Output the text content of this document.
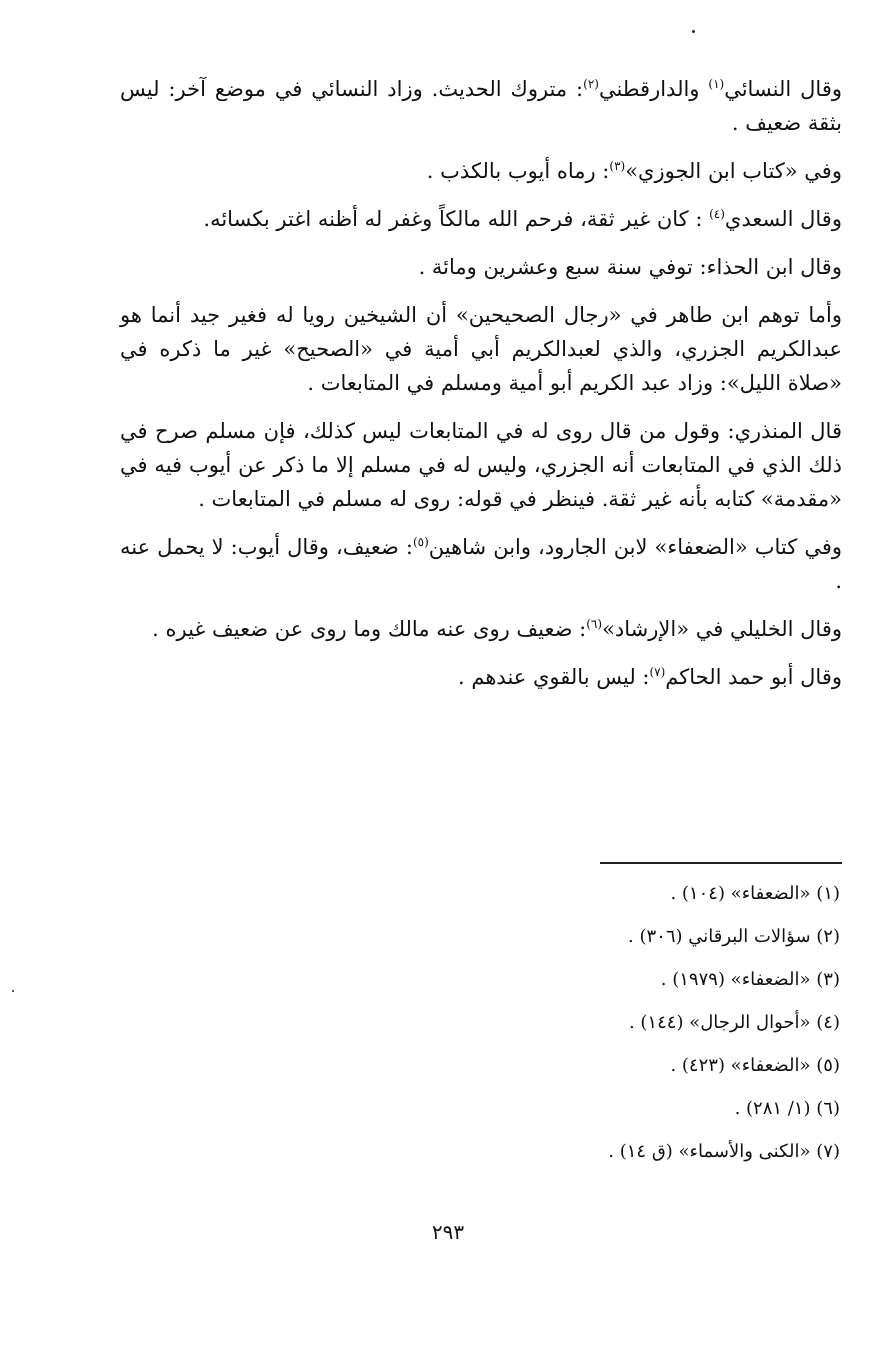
وقال النسائي$^{(١)}$ والدارقطني$^{(٢)}$: متروك الحديث. وزاد النسائي في موضع آخر: ليس بثقة ضعيف .

وفي «كتاب ابن الجوزي»$^{(٣)}$: رماه أيوب بالكذب .

وقال السعدي$^{(٤)}$ : كان غير ثقة، فرحم الله مالكاً وغفر له أظنه اغتر بكسائه.

وقال ابن الحذاء: توفي سنة سبع وعشرين ومائة .

وأما توهم ابن طاهر في «رجال الصحيحين» أن الشيخين رويا له فغير جيد أنما هو عبدالكريم الجزري، والذي لعبدالكريم أبي أمية في «الصحيح» غير ما ذكره في «صلاة الليل»: وزاد عبد الكريم أبو أمية ومسلم في المتابعات .

قال المنذري: وقول من قال روى له في المتابعات ليس كذلك، فإن مسلم صرح في ذلك الذي في المتابعات أنه الجزري، وليس له في مسلم إلا ما ذكر عن أيوب فيه في «مقدمة» كتابه بأنه غير ثقة. فينظر في قوله: روى له مسلم في المتابعات .

وفي كتاب «الضعفاء» لابن الجارود، وابن شاهين$^{(٥)}$: ضعيف، وقال أيوب: لا يحمل عنه .

وقال الخليلي في «الإرشاد»$^{(٦)}$: ضعيف روى عنه مالك وما روى عن ضعيف غيره .

وقال أبو حمد الحاكم$^{(٧)}$: ليس بالقوي عندهم .

(١) «الضعفاء» (١٠٤) .
(٢) سؤالات البرقاني (٣٠٦) .
(٣) «الضعفاء» (١٩٧٩) .
(٤) «أحوال الرجال» (١٤٤) .
(٥) «الضعفاء» (٤٢٣) .
(٦) (١/ ٢٨١) .
(٧) «الكنى والأسماء» (ق ١٤) .
٢٩٣
